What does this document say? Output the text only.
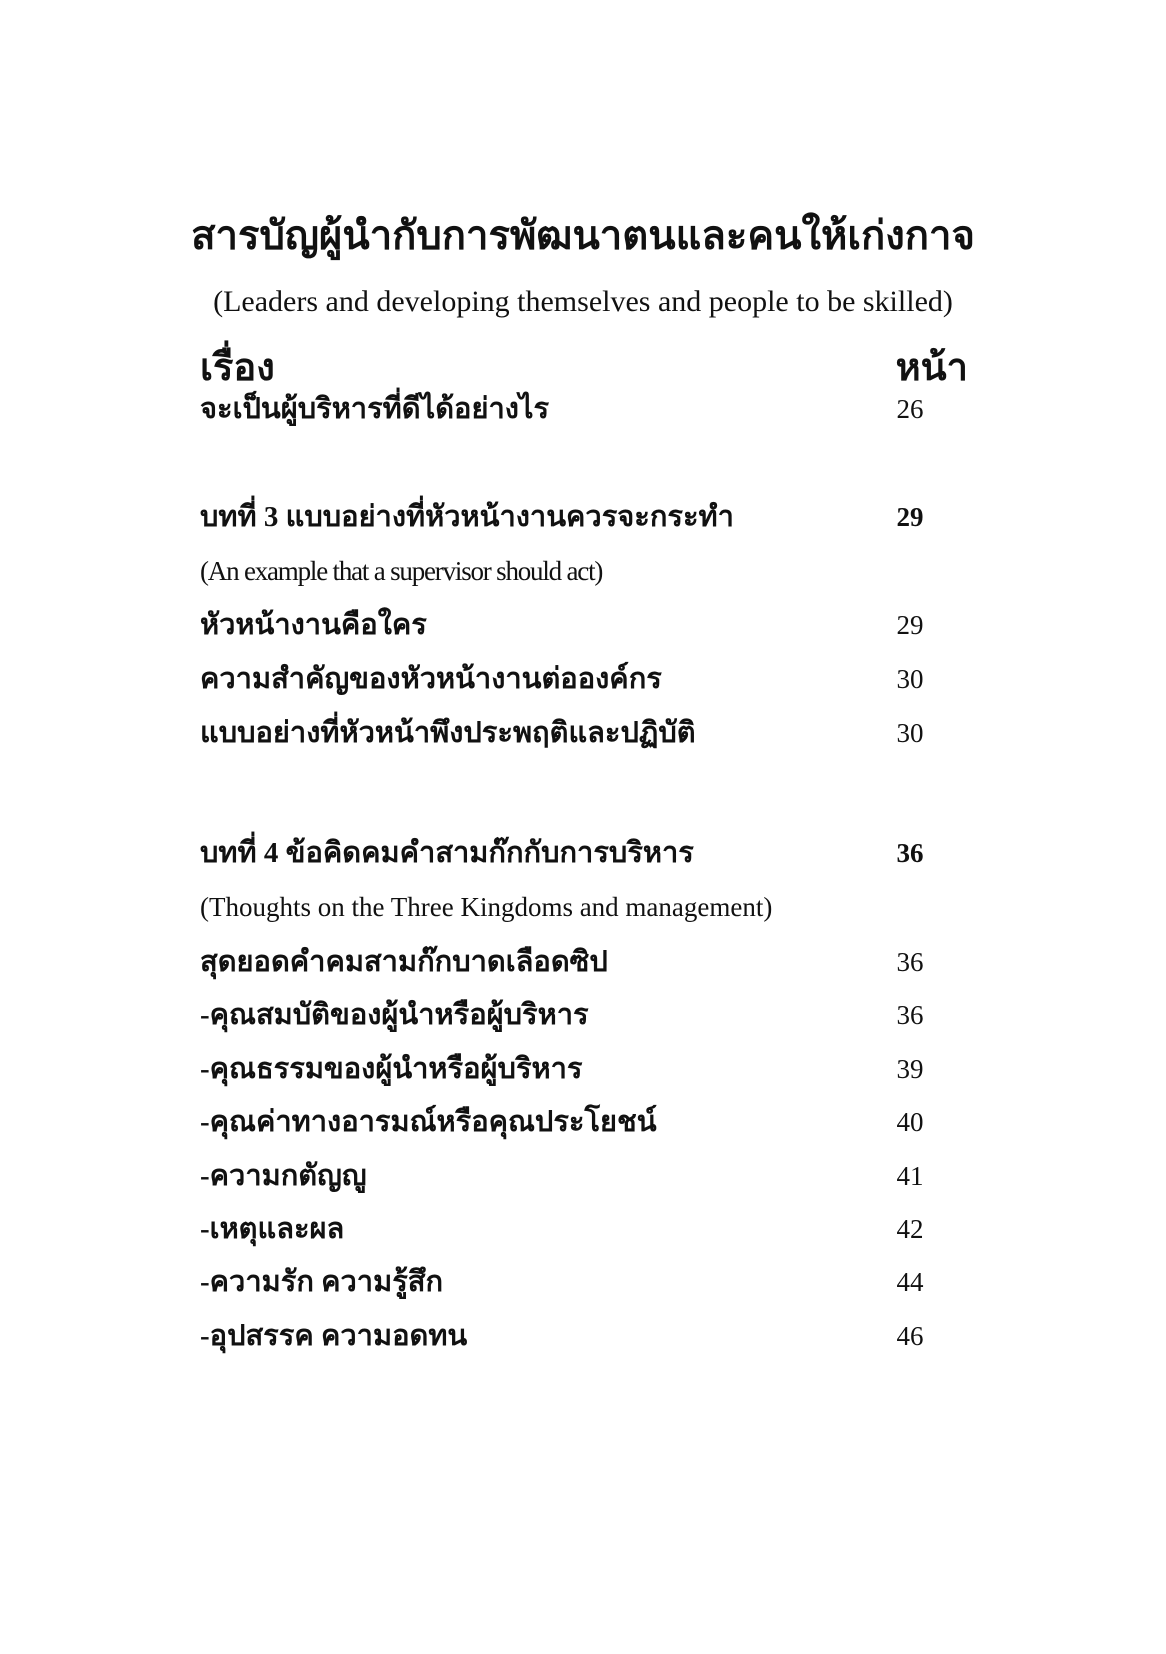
สารบัญผู้นำกับการพัฒนาตนและคนให้เก่งกาจ
(Leaders and developing themselves and people to be skilled)
เรื่อง	หน้า
จะเป็นผู้บริหารที่ดีได้อย่างไร	26
บทที่ 3 แบบอย่างที่หัวหน้างานควรจะกระทำ	29
(An example that a supervisor should act)
หัวหน้างานคือใคร	29
ความสำคัญของหัวหน้างานต่อองค์กร	30
แบบอย่างที่หัวหน้าพึงประพฤติและปฏิบัติ	30
บทที่ 4 ข้อคิดคมคำสามก๊กกับการบริหาร	36
(Thoughts on the Three Kingdoms and management)
สุดยอดคำคมสามก๊กบาดเลือดซิป	36
-คุณสมบัติของผู้นำหรือผู้บริหาร	36
-คุณธรรมของผู้นำหรือผู้บริหาร	39
-คุณค่าทางอารมณ์หรือคุณประโยชน์	40
-ความกตัญญู	41
-เหตุและผล	42
-ความรัก ความรู้สึก	44
-อุปสรรค ความอดทน	46
